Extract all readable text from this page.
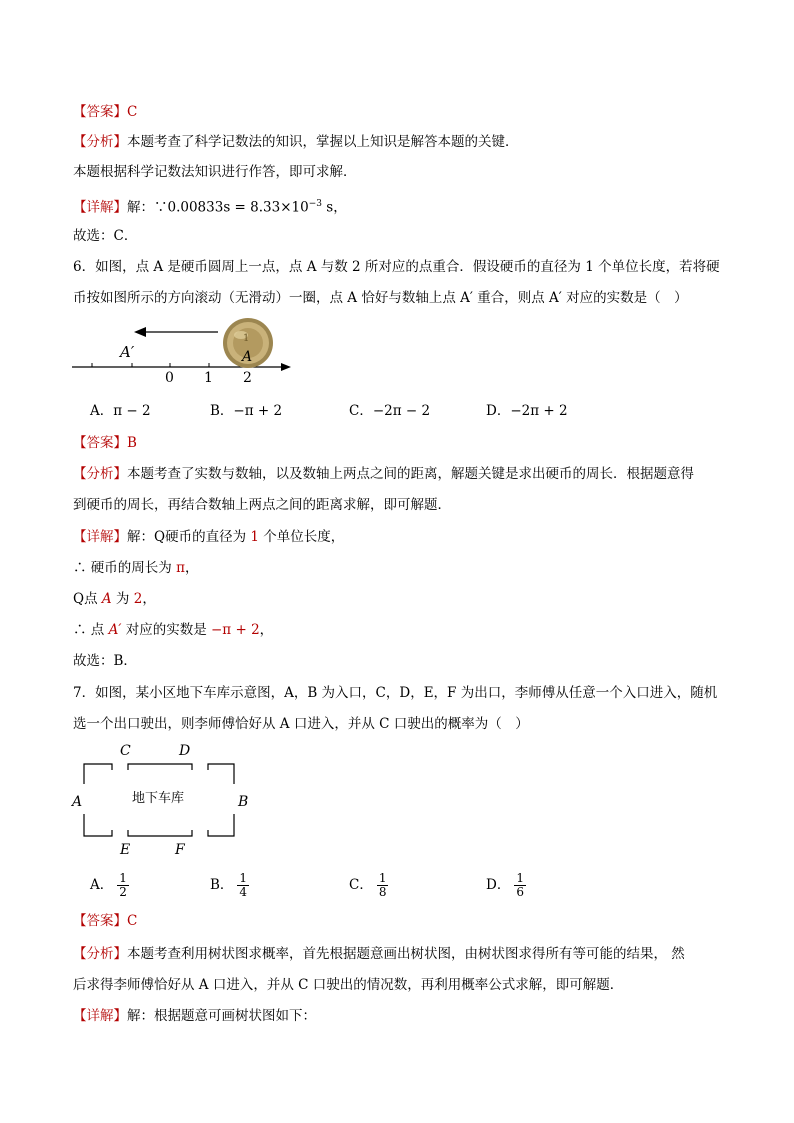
【答案】C
【分析】本题考查了科学记数法的知识，掌握以上知识是解答本题的关键．
本题根据科学记数法知识进行作答，即可求解．
【详解】解：∵0.00833s = $8.33\times 10^{-3}$ s，
故选：C．
6．如图，点 A 是硬币圆周上一点，点 A 与数 2 所对应的点重合．假设硬币的直径为 1 个单位长度，若将硬
币按如图所示的方向滚动（无滑动）一圈，点 A 恰好与数轴上点 A′ 重合，则点 A′ 对应的实数是（　）
A′
0 1 2
1
A
A．π − 2	B．−π + 2	C．−2π − 2	D．−2π + 2
【答案】B
【分析】本题考查了实数与数轴，以及数轴上两点之间的距离，解题关键是求出硬币的周长．根据题意得
到硬币的周长，再结合数轴上两点之间的距离求解，即可解题．
【详解】解：Q硬币的直径为 1 个单位长度，
∴ 硬币的周长为 π，
Q点 A 为 2，
∴ 点 A′ 对应的实数是 −π + 2，
故选：B．
7．如图，某小区地下车库示意图，A，B 为入口，C，D，E，F 为出口，李师傅从任意一个入口进入，随机
选一个出口驶出，则李师傅恰好从 A 口进入，并从 C 口驶出的概率为（　）
C	D
A	B
E	F
地下车库
A． $\frac{1}{2}$	B． $\frac{1}{4}$	C． $\frac{1}{8}$	D． $\frac{1}{6}$
【答案】C
【分析】本题考查利用树状图求概率，首先根据题意画出树状图，由树状图求得所有等可能的结果， 然
后求得李师傅恰好从 A 口进入，并从 C 口驶出的情况数，再利用概率公式求解，即可解题．
【详解】解：根据题意可画树状图如下：
